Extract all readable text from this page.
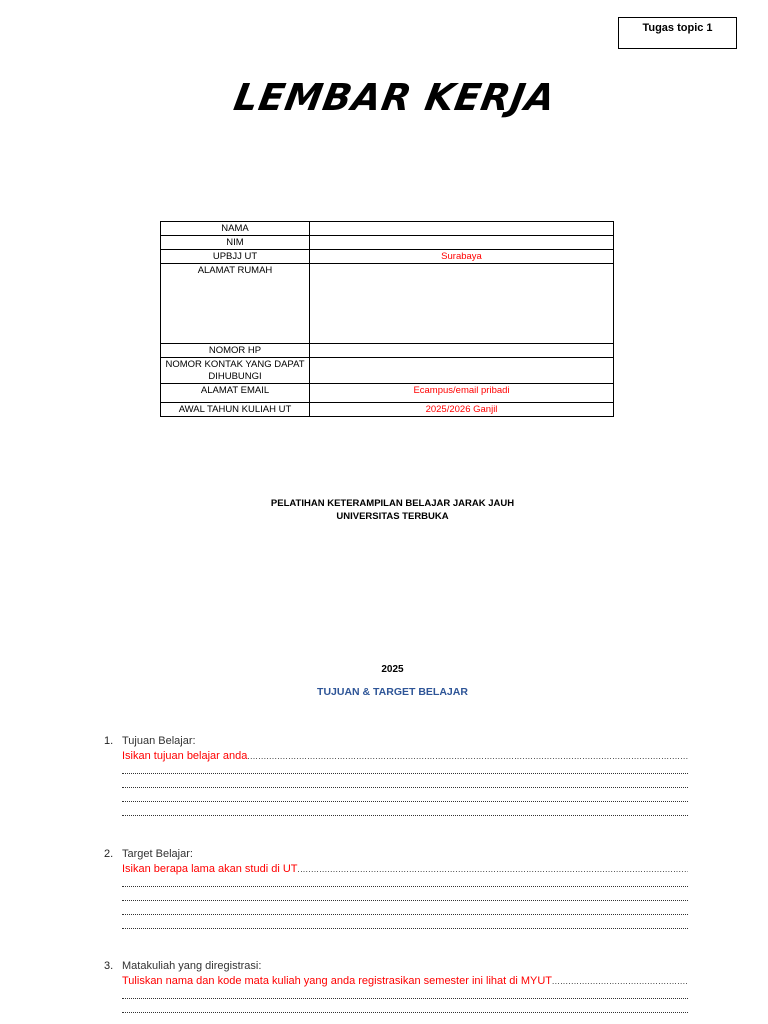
Tugas topic 1
LEMBAR KERJA
NAMA	
NIM	
UPBJJ UT	Surabaya
ALAMAT RUMAH	
NOMOR HP	
NOMOR KONTAK YANG DAPAT DIHUBUNGI	
ALAMAT EMAIL	Ecampus/email pribadi
AWAL TAHUN KULIAH UT	2025/2026 Ganjil
PELATIHAN KETERAMPILAN BELAJAR JARAK JAUH
UNIVERSITAS TERBUKA
2025
TUJUAN & TARGET BELAJAR
1. Tujuan Belajar:
Isikan tujuan belajar anda .....
2. Target Belajar:
Isikan berapa lama akan studi di UT .....
3. Matakuliah yang diregistrasi:
Tuliskan nama dan kode mata kuliah yang anda registrasikan semester ini lihat di MYUT .....
